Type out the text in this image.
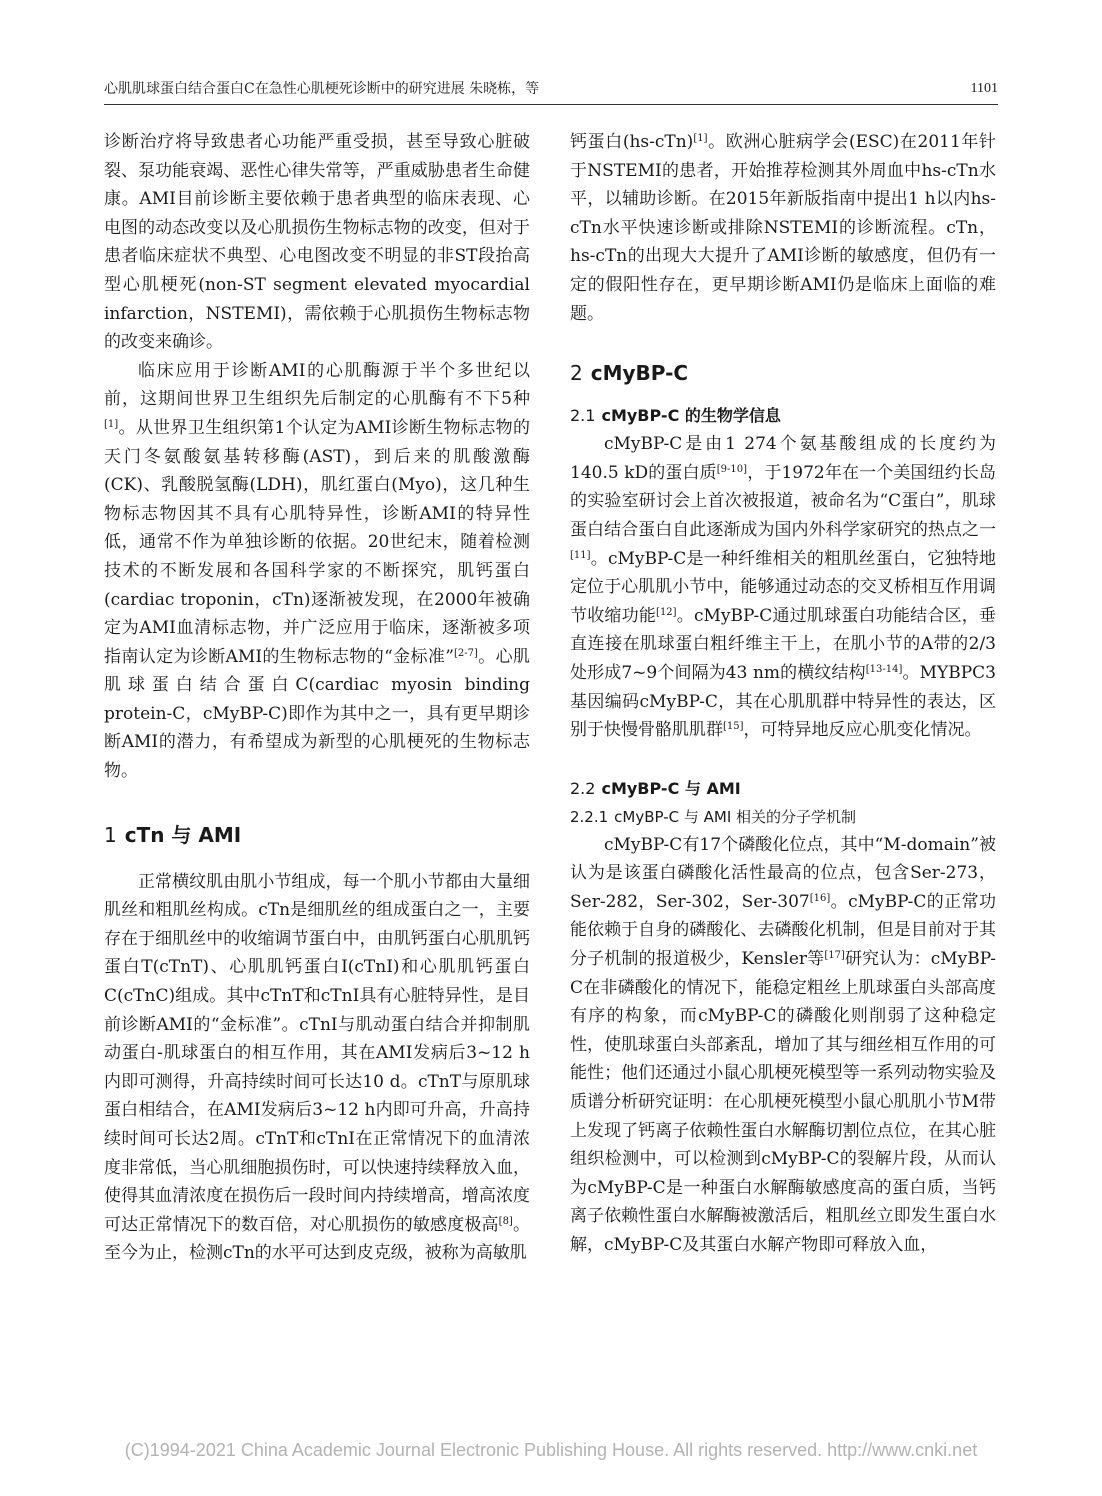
心肌肌球蛋白结合蛋白C在急性心肌梗死诊断中的研究进展 朱晓栋，等	1101

诊断治疗将导致患者心功能严重受损，甚至导致心脏破裂、泵功能衰竭、恶性心律失常等，严重威胁患者生命健康。AMI目前诊断主要依赖于患者典型的临床表现、心电图的动态改变以及心肌损伤生物标志物的改变，但对于患者临床症状不典型、心电图改变不明显的非ST段抬高型心肌梗死(non-ST segment elevated myocardial infarction，NSTEMI)，需依赖于心肌损伤生物标志物的改变来确诊。

临床应用于诊断AMI的心肌酶源于半个多世纪以前，这期间世界卫生组织先后制定的心肌酶有不下5种[1]。从世界卫生组织第1个认定为AMI诊断生物标志物的天门冬氨酸氨基转移酶(AST)，到后来的肌酸激酶(CK)、乳酸脱氢酶(LDH)，肌红蛋白(Myo)，这几种生物标志物因其不具有心肌特异性，诊断AMI的特异性低，通常不作为单独诊断的依据。20世纪末，随着检测技术的不断发展和各国科学家的不断探究，肌钙蛋白(cardiac troponin，cTn)逐渐被发现，在2000年被确定为AMI血清标志物，并广泛应用于临床，逐渐被多项指南认定为诊断AMI的生物标志物的“金标准”[2-7]。心肌肌球蛋白结合蛋白C(cardiac myosin binding protein-C，cMyBP-C)即作为其中之一，具有更早期诊断AMI的潜力，有希望成为新型的心肌梗死的生物标志物。

1 cTn 与 AMI

正常横纹肌由肌小节组成，每一个肌小节都由大量细肌丝和粗肌丝构成。cTn是细肌丝的组成蛋白之一，主要存在于细肌丝中的收缩调节蛋白中，由肌钙蛋白心肌肌钙蛋白T(cTnT)、心肌肌钙蛋白I(cTnI)和心肌肌钙蛋白C(cTnC)组成。其中cTnT和cTnI具有心脏特异性，是目前诊断AMI的“金标准”。cTnI与肌动蛋白结合并抑制肌动蛋白-肌球蛋白的相互作用，其在AMI发病后3~12 h内即可测得，升高持续时间可长达10 d。cTnT与原肌球蛋白相结合，在AMI发病后3~12 h内即可升高，升高持续时间可长达2周。cTnT和cTnI在正常情况下的血清浓度非常低，当心肌细胞损伤时，可以快速持续释放入血，使得其血清浓度在损伤后一段时间内持续增高，增高浓度可达正常情况下的数百倍，对心肌损伤的敏感度极高[8]。至今为止，检测cTn的水平可达到皮克级，被称为高敏肌

钙蛋白(hs-cTn)[1]。欧洲心脏病学会(ESC)在2011年针于NSTEMI的患者，开始推荐检测其外周血中hs-cTn水平，以辅助诊断。在2015年新版指南中提出1 h以内hs-cTn水平快速诊断或排除NSTEMI的诊断流程。cTn，hs-cTn的出现大大提升了AMI诊断的敏感度，但仍有一定的假阳性存在，更早期诊断AMI仍是临床上面临的难题。

2 cMyBP-C
2.1 cMyBP-C 的生物学信息

cMyBP-C是由1 274个氨基酸组成的长度约为140.5 kD的蛋白质[9-10]，于1972年在一个美国纽约长岛的实验室研讨会上首次被报道，被命名为“C蛋白”，肌球蛋白结合蛋白自此逐渐成为国内外科学家研究的热点之一[11]。cMyBP-C是一种纤维相关的粗肌丝蛋白，它独特地定位于心肌肌小节中，能够通过动态的交叉桥相互作用调节收缩功能[12]。cMyBP-C通过肌球蛋白功能结合区，垂直连接在肌球蛋白粗纤维主干上，在肌小节的A带的2/3处形成7~9个间隔为43 nm的横纹结构[13-14]。MYBPC3基因编码cMyBP-C，其在心肌肌群中特异性的表达，区别于快慢骨骼肌肌群[15]，可特异地反应心肌变化情况。

2.2 cMyBP-C 与 AMI
2.2.1 cMyBP-C 与 AMI 相关的分子学机制

cMyBP-C有17个磷酸化位点，其中“M-domain”被认为是该蛋白磷酸化活性最高的位点，包含Ser-273，Ser-282，Ser-302，Ser-307[16]。cMyBP-C的正常功能依赖于自身的磷酸化、去磷酸化机制，但是目前对于其分子机制的报道极少，Kensler等[17]研究认为：cMyBP-C在非磷酸化的情况下，能稳定粗丝上肌球蛋白头部高度有序的构象，而cMyBP-C的磷酸化则削弱了这种稳定性，使肌球蛋白头部紊乱，增加了其与细丝相互作用的可能性；他们还通过小鼠心肌梗死模型等一系列动物实验及质谱分析研究证明：在心肌梗死模型小鼠心肌肌小节M带上发现了钙离子依赖性蛋白水解酶切割位点位，在其心脏组织检测中，可以检测到cMyBP-C的裂解片段，从而认为cMyBP-C是一种蛋白水解酶敏感度高的蛋白质，当钙离子依赖性蛋白水解酶被激活后，粗肌丝立即发生蛋白水解，cMyBP-C及其蛋白水解产物即可释放入血，

(C)1994-2021 China Academic Journal Electronic Publishing House. All rights reserved. http://www.cnki.net
